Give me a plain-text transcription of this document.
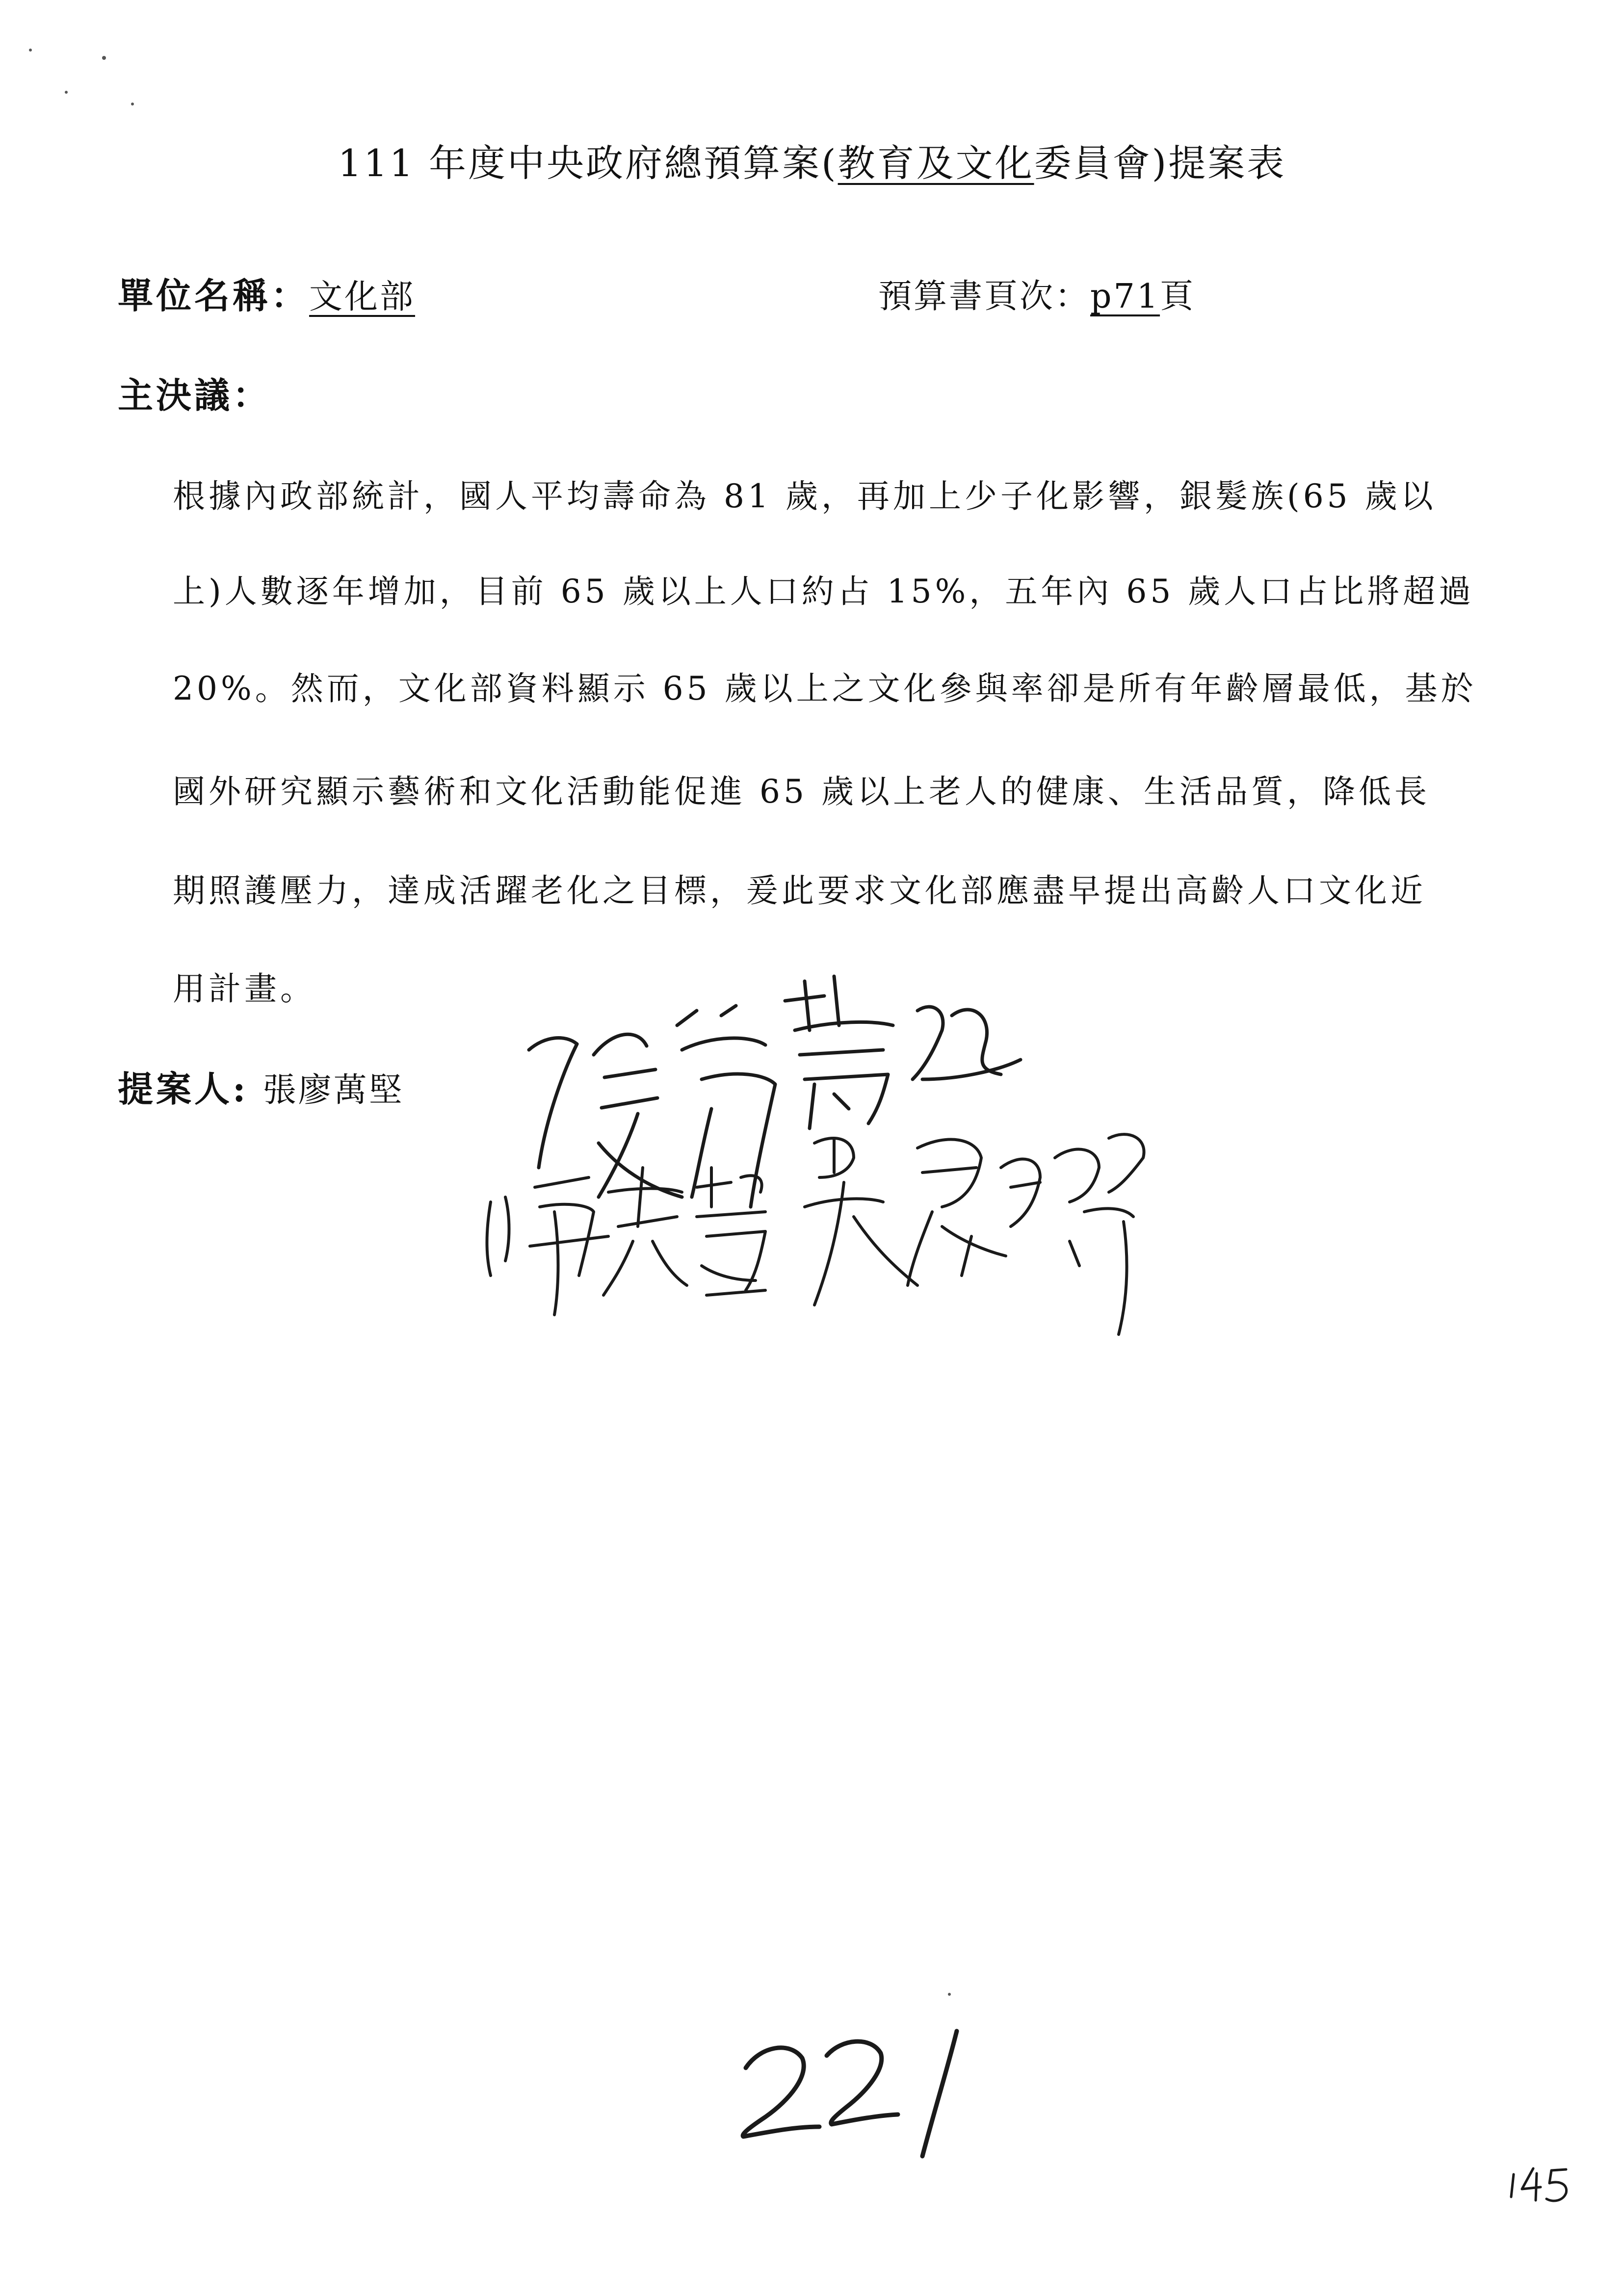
111 年度中央政府總預算案(教育及文化委員會)提案表
單位名稱：文化部	預算書頁次：p71頁
主決議：
根據內政部統計，國人平均壽命為 81 歲，再加上少子化影響，銀髮族(65 歲以
上)人數逐年增加，目前 65 歲以上人口約占 15%，五年內 65 歲人口占比將超過
20%。然而，文化部資料顯示 65 歲以上之文化參與率卻是所有年齡層最低，基於
國外研究顯示藝術和文化活動能促進 65 歲以上老人的健康、生活品質，降低長
期照護壓力，達成活躍老化之目標，爰此要求文化部應盡早提出高齡人口文化近
用計畫。
提案人: 張廖萬堅
